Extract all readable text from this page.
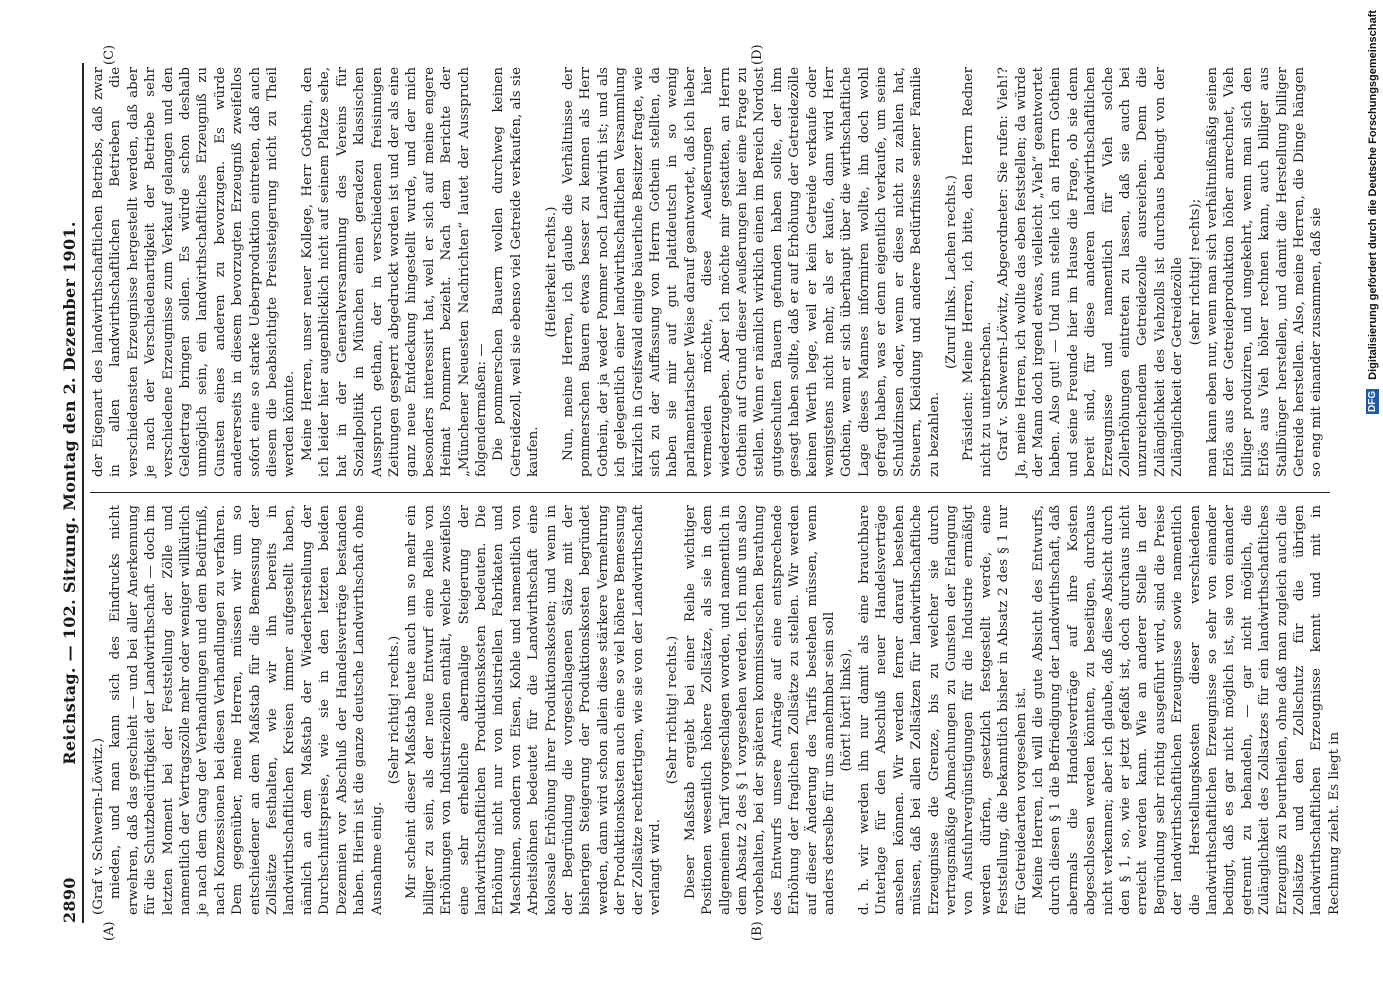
2890
Reichstag. — 102. Sitzung. Montag den 2. Dezember 1901.
(A)	(B)
(C)	(D)

(Graf v. Schwerin-Löwitz.) mieden, und man kann sich des Eindrucks nicht erwehren, daß das geschieht — und bei aller Anerkennung für die Schutzbedürftigkeit der Landwirthschaft — doch im letzten Moment bei der Feststellung der Zölle und namentlich der Vertragszölle mehr oder weniger willkürlich je nach dem Gang der Verhandlungen und dem Bedürfniß, nach Konzessionen bei diesen Verhandlungen zu verfahren. Dem gegenüber, meine Herren, müssen wir um so entschiedener an dem Maßstab für die Bemessung der Zollsätze festhalten, wie wir ihn bereits in landwirthschaftlichen Kreisen immer aufgestellt haben, nämlich an dem Maßstab der Wiederherstellung der Durchschnittspreise, wie sie in den letzten beiden Dezennien vor Abschluß der Handelsverträge bestanden haben. Hierin ist die ganze deutsche Landwirthschaft ohne Ausnahme einig.

(Sehr richtig! rechts.) Mir scheint dieser Maßstab heute auch um so mehr ein billiger zu sein, als der neue Entwurf eine Reihe von Erhöhungen von Industriezöllen enthält, welche zweifellos eine sehr erhebliche abermalige Steigerung der landwirthschaftlichen Produktionskosten bedeuten. Die Erhöhung nicht nur von industriellen Fabrikaten und Maschinen, sondern von Eisen, Kohle und namentlich von Arbeitslöhnen bedeutet für die Landwirthschaft eine kolossale Erhöhung ihrer Produktionskosten; und wenn in der Begründung die vorgeschlagenen Sätze mit der bisherigen Steigerung der Produktionskosten begründet werden, dann wird schon allein diese stärkere Vermehrung der Produktionskosten auch eine so viel höhere Bemessung der Zollsätze rechtfertigen, wie sie von der Landwirthschaft verlangt wird.

(Sehr richtig! rechts.) Dieser Maßstab ergiebt bei einer Reihe wichtiger Positionen wesentlich höhere Zollsätze, als sie in dem allgemeinen Tarif vorgeschlagen worden, und namentlich in dem Absatz 2 des § 1 vorgesehen werden. Ich muß uns also vorbehalten, bei der späteren kommissarischen Berathung des Entwurfs unsere Anträge auf eine entsprechende Erhöhung der fraglichen Zollsätze zu stellen. Wir werden auf dieser Änderung des Tarifs bestehen müssen, wenn anders derselbe für uns annehmbar sein soll (hört! hört! links), d. h. wir werden ihn nur damit als eine brauchbare Unterlage für den Abschluß neuer Handelsverträge ansehen können. Wir werden ferner darauf bestehen müssen, daß bei allen Zollsätzen für landwirthschaftliche Erzeugnisse die Grenze, bis zu welcher sie durch vertragsmäßige Abmachungen zu Gunsten der Erlangung von Ausfuhrvergünstigungen für die Industrie ermäßigt werden dürfen, gesetzlich festgestellt werde, eine Feststellung, die bekanntlich bisher in Absatz 2 des § 1 nur für Getreidearten vorgesehen ist. Meine Herren, ich will die gute Absicht des Entwurfs, durch diesen § 1 die Befriedigung der Landwirthschaft, daß abermals die Handelsverträge auf ihre Kosten abgeschlossen werden könnten, zu beseitigen, durchaus nicht verkennen; aber ich glaube, daß diese Absicht durch den § 1, so, wie er jetzt gefaßt ist, doch durchaus nicht erreicht werden kann. Wie an anderer Stelle in der Begründung sehr richtig ausgeführt wird, sind die Preise der landwirthschaftlichen Erzeugnisse sowie namentlich die Herstellungskosten dieser verschiedenen landwirthschaftlichen Erzeugnisse so sehr von einander bedingt, daß es gar nicht möglich ist, sie von einander getrennt zu behandeln, — gar nicht möglich, die Zulänglichkeit des Zollsatzes für ein landwirthschaftliches Erzeugniß zu beurtheilen, ohne daß man zugleich auch die Zollsätze und den Zollschutz für die übrigen landwirthschaftlichen Erzeugnisse kennt und mit in Rechnung zieht. Es liegt in

der Eigenart des landwirthschaftlichen Betriebs, daß zwar in allen landwirthschaftlichen Betrieben die verschiedensten Erzeugnisse hergestellt werden, daß aber je nach der Verschiedenartigkeit der Betriebe sehr verschiedene Erzeugnisse zum Verkauf gelangen und den Geldertrag bringen sollen. Es würde schon deshalb unmöglich sein, ein landwirthschaftliches Erzeugniß zu Gunsten eines anderen zu bevorzugen. Es würde andererseits in diesem bevorzugten Erzeugniß zweifellos sofort eine so starke Ueberproduktion eintreten, daß auch diesem die beabsichtigte Preissteigerung nicht zu Theil werden könnte. Meine Herren, unser neuer Kollege, Herr Gothein, den ich leider hier augenblicklich nicht auf seinem Platze sehe, hat in der Generalversammlung des Vereins für Sozialpolitik in München einen geradezu klassischen Ausspruch gethan, der in verschiedenen freisinnigen Zeitungen gesperrt abgedruckt worden ist und der als eine ganz neue Entdeckung hingestellt wurde, und der mich besonders interessirt hat, weil er sich auf meine engere Heimat Pommern bezieht. Nach dem Berichte der „Münchener Neuesten Nachrichten“ lautet der Ausspruch folgendermaßen: — Die pommerschen Bauern wollen durchweg keinen Getreidezoll, weil sie ebenso viel Getreide verkaufen, als sie kaufen.

(Heiterkeit rechts.) Nun, meine Herren, ich glaube die Verhältnisse der pommerschen Bauern etwas besser zu kennen als Herr Gothein, der ja weder Pommer noch Landwirth ist; und als ich gelegentlich einer landwirthschaftlichen Versammlung kürzlich in Greifswald einige bäuerliche Besitzer fragte, wie sich zu der Auffassung von Herrn Gothein stellten, da haben sie mir auf gut plattdeutsch in so wenig parlamentarischer Weise darauf geantwortet, daß ich lieber vermeiden möchte, diese Aeußerungen hier wiederzugeben. Aber ich möchte mir gestatten, an Herrn Gothein auf Grund dieser Aeußerungen hier eine Frage zu stellen. Wenn er nämlich wirklich einen im Bereich Nordost gutgeschulten Bauern gefunden haben sollte, der ihm gesagt haben sollte, daß er auf Erhöhung der Getreidezölle keinen Werth lege, weil er kein Getreide verkaufe oder wenigstens nicht mehr, als er kaufe, dann wird Herr Gothein, wenn er sich überhaupt über die wirthschaftliche Lage dieses Mannes informiren wollte, ihn doch wohl gefragt haben, was er denn eigentlich verkaufe, um seine Schuldzinsen oder, wenn er diese nicht zu zahlen hat, Steuern, Kleidung und andere Bedürfnisse seiner Familie zu bezahlen.

(Zuruf links. Lachen rechts.) Präsident: Meine Herren, ich bitte, den Herrn Redner nicht zu unterbrechen. Graf v. Schwerin-Löwitz, Abgeordneter: Sie rufen: Vieh!? Ja, meine Herren, ich wollte das eben feststellen; da würde der Mann doch irgend etwas, vielleicht „Vieh“ geantwortet haben. Also gut! — Und nun stelle ich an Herrn Gothein und seine Freunde hier im Hause die Frage, ob sie denn bereit sind, für diese anderen landwirthschaftlichen Erzeugnisse und namentlich für Vieh solche Zollerhöhungen eintreten zu lassen, daß sie auch bei unzureichendem Getreidezolle ausreichen. Denn die Zulänglichkeit des Viehzolls ist durchaus bedingt von der Zulänglichkeit der Getreidezölle (sehr richtig! rechts); man kann eben nur, wenn man sich verhältnißmäßig seinen Erlös aus der Getreideproduktion höher anrechnet, Vieh billiger produziren, und umgekehrt, wenn man sich den Erlös aus Vieh höher rechnen kann, auch billiger aus Stallbünger herstellen, und damit die Herstellung billiger Getreide herstellen. Also, meine Herren, die Dinge hängen so eng mit einander zusammen, daß sie	DFG Digitalisierung gefördert durch die Deutsche Forschungsgemeinschaft
